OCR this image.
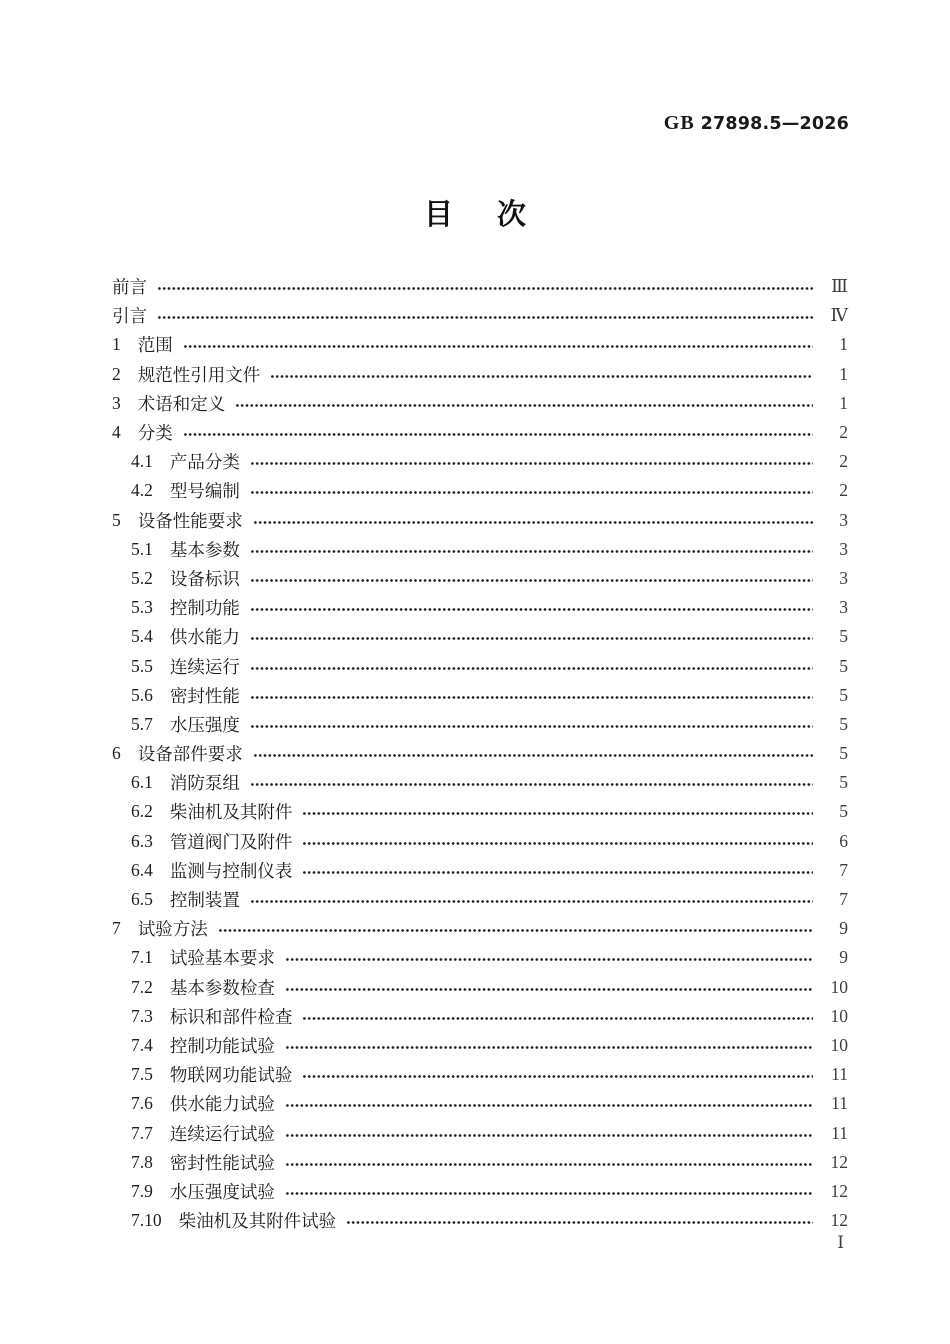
GB 27898.5—2026
目 次
前言	Ⅲ
引言	Ⅳ
1 范围	1
2 规范性引用文件	1
3 术语和定义	1
4 分类	2
4.1 产品分类	2
4.2 型号编制	2
5 设备性能要求	3
5.1 基本参数	3
5.2 设备标识	3
5.3 控制功能	3
5.4 供水能力	5
5.5 连续运行	5
5.6 密封性能	5
5.7 水压强度	5
6 设备部件要求	5
6.1 消防泵组	5
6.2 柴油机及其附件	5
6.3 管道阀门及附件	6
6.4 监测与控制仪表	7
6.5 控制装置	7
7 试验方法	9
7.1 试验基本要求	9
7.2 基本参数检查	10
7.3 标识和部件检查	10
7.4 控制功能试验	10
7.5 物联网功能试验	11
7.6 供水能力试验	11
7.7 连续运行试验	11
7.8 密封性能试验	12
7.9 水压强度试验	12
7.10 柴油机及其附件试验	12
Ⅰ
